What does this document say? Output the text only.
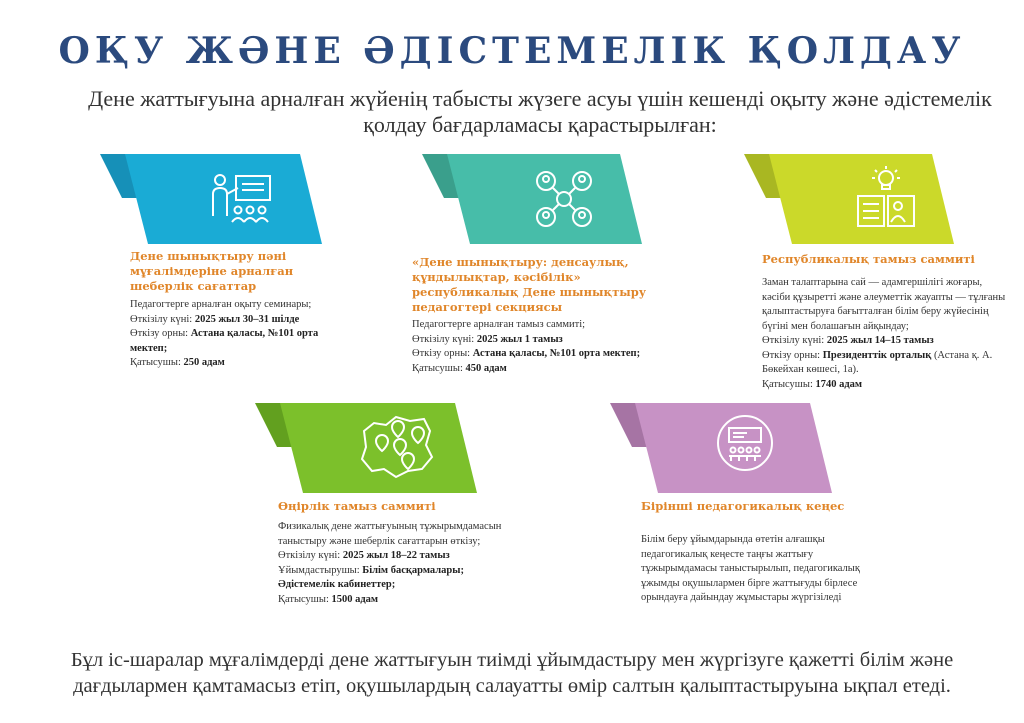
ОҚУ ЖӘНЕ ӘДІСТЕМЕЛІК ҚОЛДАУ
Дене жаттығуына арналған жүйенің табысты жүзеге асуы үшін кешенді оқыту және әдістемелік қолдау бағдарламасы қарастырылған:
Дене шынықтыру пәні мұғалімдеріне арналған шеберлік сағаттар
Педагогтерге арналған оқыту семинары;
Өткізілу күні: 2025 жыл 30–31 шілде
Өткізу орны: Астана қаласы, №101 орта мектеп;
Қатысушы: 250 адам
«Дене шынықтыру: денсаулық, құндылықтар, кәсібілік» республикалық Дене шынықтыру педагогтері секциясы
Педагогтерге арналған тамыз саммиті;
Өткізілу күні: 2025 жыл 1 тамыз
Өткізу орны: Астана қаласы, №101 орта мектеп;
Қатысушы: 450 адам
Республикалық тамыз саммиті
Заман талаптарына сай — адамгершілігі жоғары, кәсіби құзыретті және әлеуметтік жауапты — тұлғаны қалыптастыруға бағытталған білім беру жүйесінің бүгіні мен болашағын айқындау;
Өткізілу күні: 2025 жыл 14–15 тамыз
Өткізу орны: Президенттік орталық (Астана қ. А. Бөкейхан көшесі, 1а).
Қатысушы: 1740 адам
Өңірлік тамыз саммиті
Физикалық дене жаттығуының тұжырымдамасын таныстыру және шеберлік сағаттарын өткізу;
Өткізілу күні: 2025 жыл 18–22 тамыз
Ұйымдастырушы: Білім басқармалары; Әдістемелік кабинеттер;
Қатысушы: 1500 адам
Бірінші педагогикалық кеңес
Білім беру ұйымдарында өтетін алғашқы педагогикалық кеңесте таңғы жаттығу тұжырымдамасы таныстырылып, педагогикалық ұжымды оқушылармен бірге жаттығуды бірлесе орындауға дайындау жұмыстары жүргізіледі
Бұл іс-шаралар мұғалімдерді дене жаттығуын тиімді ұйымдастыру мен жүргізуге қажетті білім және дағдылармен қамтамасыз етіп, оқушылардың салауатты өмір салтын қалыптастыруына ықпал етеді.
